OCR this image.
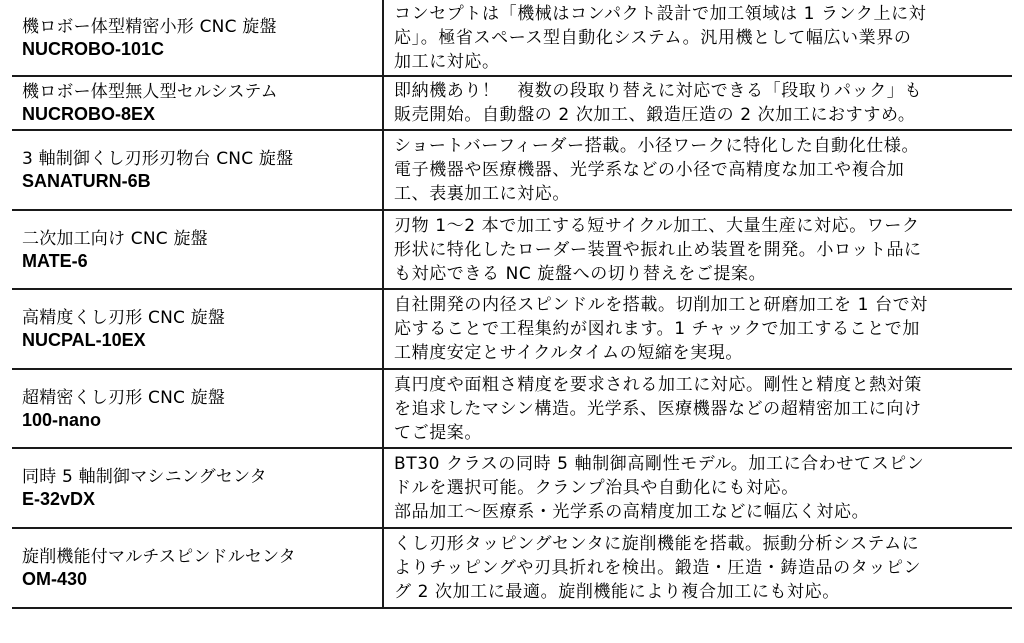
機ロボー体型精密小形 CNC 旋盤
NUCROBO-101C	コンセプトは「機械はコンパクト設計で加工領域は 1 ランク上に対
応」。極省スペース型自動化システム。汎用機として幅広い業界の
加工に対応。

機ロボー体型無人型セルシステム
NUCROBO-8EX	即納機あり！　複数の段取り替えに対応できる「段取りパック」も
販売開始。自動盤の 2 次加工、鍛造圧造の 2 次加工におすすめ。

3 軸制御くし刃形刃物台 CNC 旋盤
SANATURN-6B	ショートバーフィーダー搭載。小径ワークに特化した自動化仕様。
電子機器や医療機器、光学系などの小径で高精度な加工や複合加
工、表裏加工に対応。

二次加工向け CNC 旋盤
MATE-6	刃物 1〜2 本で加工する短サイクル加工、大量生産に対応。ワーク
形状に特化したローダー装置や振れ止め装置を開発。小ロット品に
も対応できる NC 旋盤への切り替えをご提案。

高精度くし刃形 CNC 旋盤
NUCPAL-10EX	自社開発の内径スピンドルを搭載。切削加工と研磨加工を 1 台で対
応することで工程集約が図れます。1 チャックで加工することで加
工精度安定とサイクルタイムの短縮を実現。

超精密くし刃形 CNC 旋盤
100-nano	真円度や面粗さ精度を要求される加工に対応。剛性と精度と熱対策
を追求したマシン構造。光学系、医療機器などの超精密加工に向け
てご提案。

同時 5 軸制御マシニングセンタ
E-32vDX	BT30 クラスの同時 5 軸制御高剛性モデル。加工に合わせてスピン
ドルを選択可能。クランプ治具や自動化にも対応。
部品加工〜医療系・光学系の高精度加工などに幅広く対応。

旋削機能付マルチスピンドルセンタ
OM-430	くし刃形タッピングセンタに旋削機能を搭載。振動分析システムに
よりチッピングや刃具折れを検出。鍛造・圧造・鋳造品のタッピン
グ 2 次加工に最適。旋削機能により複合加工にも対応。
